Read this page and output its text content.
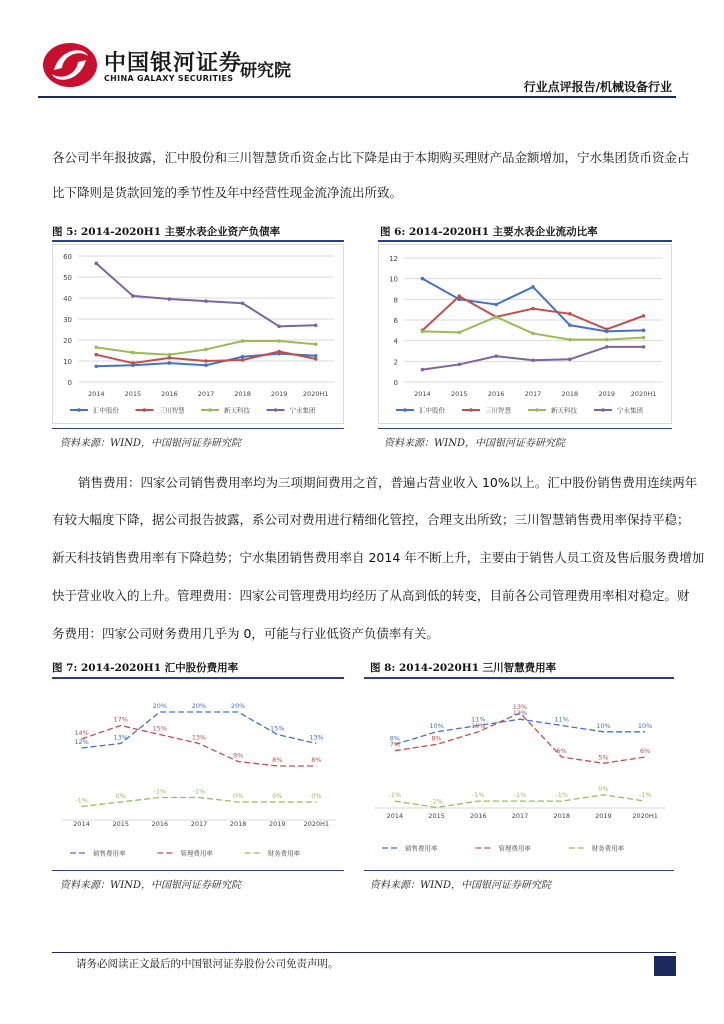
中国银河证券
CHINA GALAXY SECURITIES 研究院
行业点评报告/机械设备行业
各公司半年报披露，汇中股份和三川智慧货币资金占比下降是由于本期购买理财产品金额增加，宁水集团货币资金占
比下降则是货款回笼的季节性及年中经营性现金流净流出所致。
图 5: 2014-2020H1 主要水表企业资产负债率
0
10
20
30
40
50
60
2014	2015	2016	2017	2018	2019 2020H1
汇中股份	三川智慧	新天科技	宁水集团
资料来源：WIND，中国银河证券研究院
图 6: 2014-2020H1 主要水表企业流动比率
0
2
4
6
8
10
12
2014	2015	2016	2017	2018	2019 2020H1
汇中股份	三川智慧	新天科技	宁水集团
资料来源：WIND，中国银河证券研究院
销售费用：四家公司销售费用率均为三项期间费用之首，普遍占营业收入 10%以上。汇中股份销售费用连续两年
有较大幅度下降，据公司报告披露，系公司对费用进行精细化管控，合理支出所致；三川智慧销售费用率保持平稳；
新天科技销售费用率有下降趋势；宁水集团销售费用率自 2014 年不断上升，主要由于销售人员工资及售后服务费增加
快于营业收入的上升。管理费用：四家公司管理费用均经历了从高到低的转变，目前各公司管理费用率相对稳定。财
务费用：四家公司财务费用几乎为 0，可能与行业低资产负债率有关。
图 7: 2014-2020H1 汇中股份费用率
2014	2015	2016	2017	2018	2019	2020H1
12%
13%
20%	20%	20%
15%
13%
14%
17%
15%
13%
9%
8%	8%
-1%
0%
-1%	-1%
0%	0%	0%
销售费用率	管理费用率	财务费用率
资料来源：WIND，中国银河证券研究院
图 8: 2014-2020H1 三川智慧费用率
2014	2015	2016	2017	2018	2019	2020H1
8%
10%
11%
12%
11%
10%	10%
7%
8%
10%
13%
6%
5%
6%
-1%
-2%
-1%	-1%	-1%
0%
-1%
销售费用率	管理费用率	财务费用率
资料来源：WIND，中国银河证券研究院
请务必阅读正文最后的中国银河证券股份公司免责声明。
